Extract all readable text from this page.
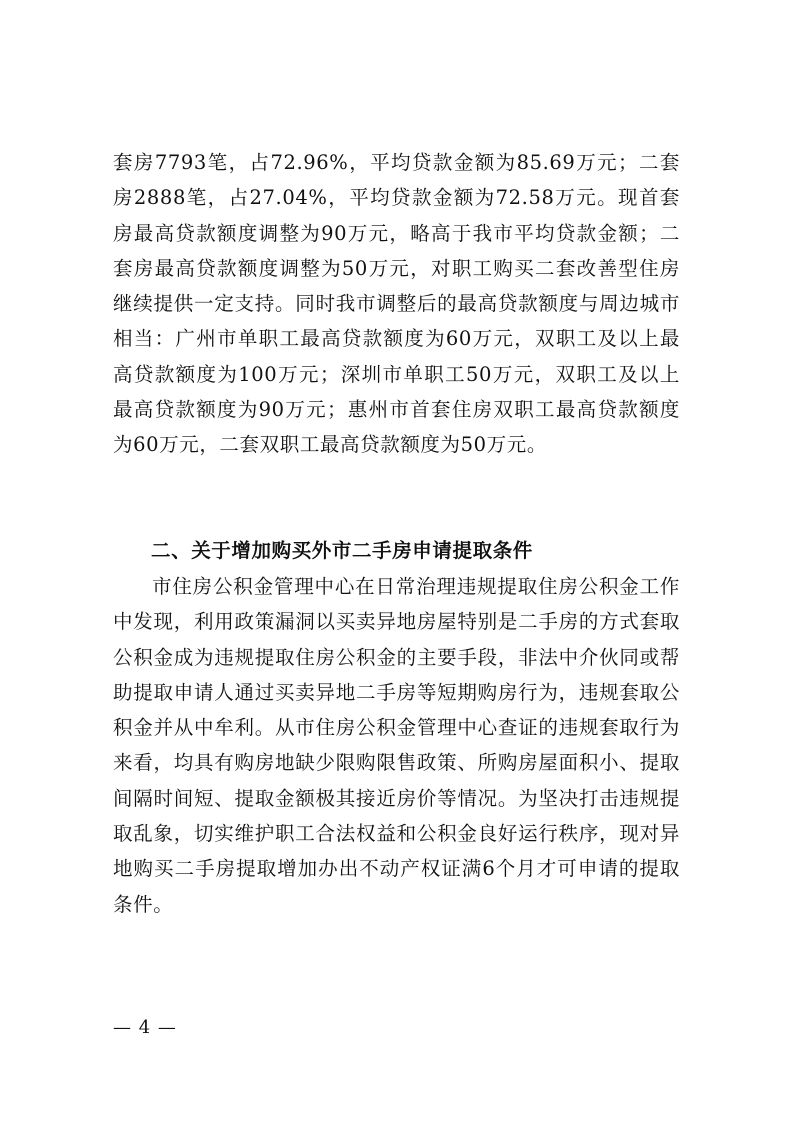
套房7793笔，占72.96%，平均贷款金额为85.69万元；二套房2888笔，占27.04%，平均贷款金额为72.58万元。现首套房最高贷款额度调整为90万元，略高于我市平均贷款金额；二套房最高贷款额度调整为50万元，对职工购买二套改善型住房继续提供一定支持。同时我市调整后的最高贷款额度与周边城市相当：广州市单职工最高贷款额度为60万元，双职工及以上最高贷款额度为100万元；深圳市单职工50万元，双职工及以上最高贷款额度为90万元；惠州市首套住房双职工最高贷款额度为60万元，二套双职工最高贷款额度为50万元。

二、关于增加购买外市二手房申请提取条件

市住房公积金管理中心在日常治理违规提取住房公积金工作中发现，利用政策漏洞以买卖异地房屋特别是二手房的方式套取公积金成为违规提取住房公积金的主要手段，非法中介伙同或帮助提取申请人通过买卖异地二手房等短期购房行为，违规套取公积金并从中牟利。从市住房公积金管理中心查证的违规套取行为来看，均具有购房地缺少限购限售政策、所购房屋面积小、提取间隔时间短、提取金额极其接近房价等情况。为坚决打击违规提取乱象，切实维护职工合法权益和公积金良好运行秩序，现对异地购买二手房提取增加办出不动产权证满6个月才可申请的提取条件。

— 4 —
